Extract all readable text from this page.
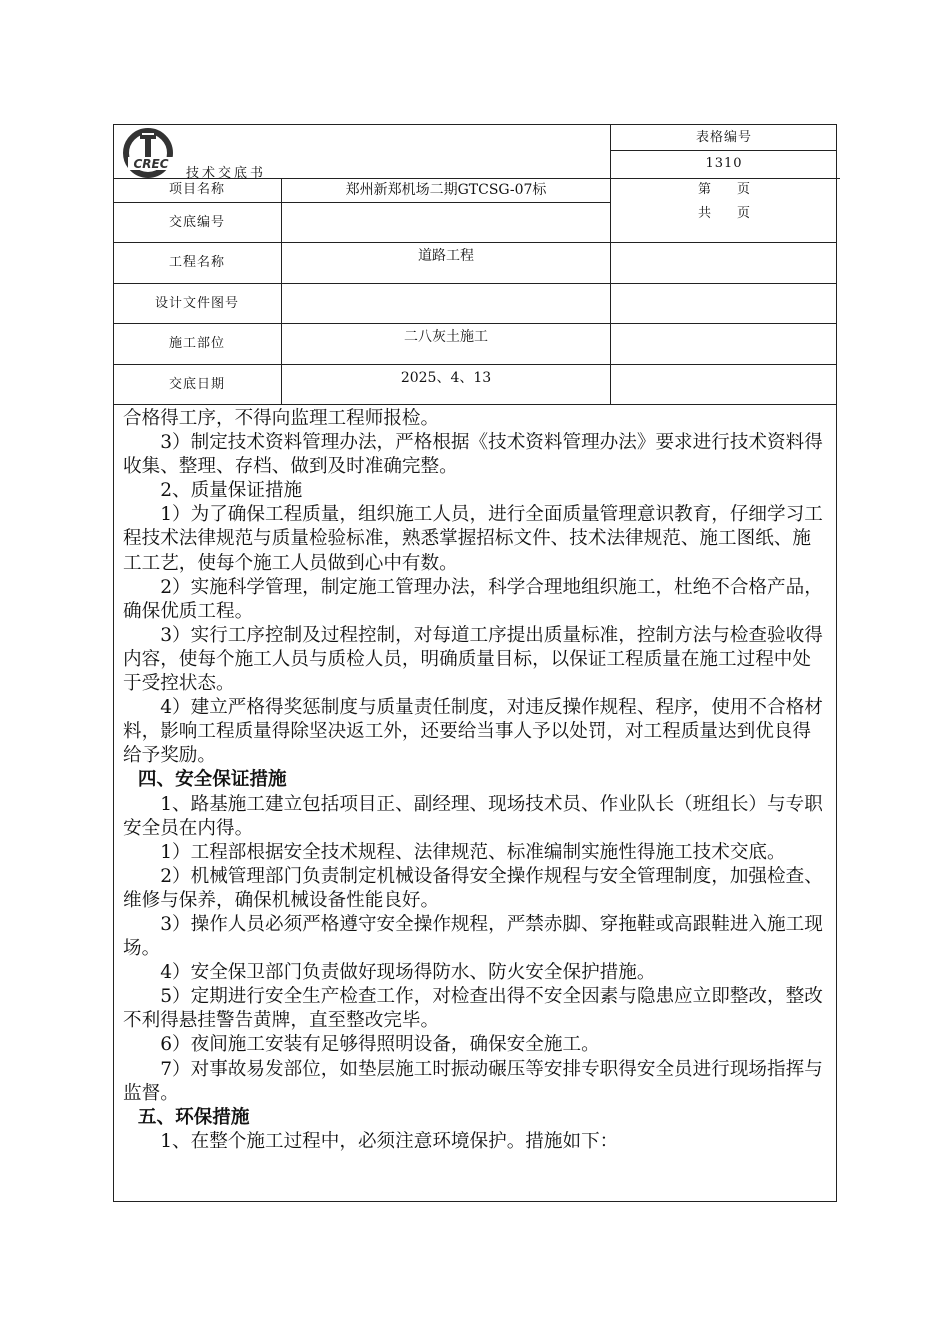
CREC
技术交底书
表格编号
1310
第　　页
共　　页
项目名称	郑州新郑机场二期GTCSG-07标
交底编号
工程名称	道路工程
设计文件图号
施工部位	二八灰土施工
交底日期	2025、4、13
合格得工序，不得向监理工程师报检。
3）制定技术资料管理办法，严格根据《技术资料管理办法》要求进行技术资料得收集、整理、存档、做到及时准确完整。
2、质量保证措施
1）为了确保工程质量，组织施工人员，进行全面质量管理意识教育，仔细学习工程技术法律规范与质量检验标准，熟悉掌握招标文件、技术法律规范、施工图纸、施工工艺，使每个施工人员做到心中有数。
2）实施科学管理，制定施工管理办法，科学合理地组织施工，杜绝不合格产品，确保优质工程。
3）实行工序控制及过程控制，对每道工序提出质量标准，控制方法与检查验收得内容，使每个施工人员与质检人员，明确质量目标，以保证工程质量在施工过程中处于受控状态。
4）建立严格得奖惩制度与质量责任制度，对违反操作规程、程序，使用不合格材料，影响工程质量得除坚决返工外，还要给当事人予以处罚，对工程质量达到优良得给予奖励。
四、安全保证措施
1、路基施工建立包括项目正、副经理、现场技术员、作业队长（班组长）与专职安全员在内得。
1）工程部根据安全技术规程、法律规范、标准编制实施性得施工技术交底。
2）机械管理部门负责制定机械设备得安全操作规程与安全管理制度，加强检查、维修与保养，确保机械设备性能良好。
3）操作人员必须严格遵守安全操作规程，严禁赤脚、穿拖鞋或高跟鞋进入施工现场。
4）安全保卫部门负责做好现场得防水、防火安全保护措施。
5）定期进行安全生产检查工作，对检查出得不安全因素与隐患应立即整改，整改不利得悬挂警告黄牌，直至整改完毕。
6）夜间施工安装有足够得照明设备，确保安全施工。
7）对事故易发部位，如垫层施工时振动碾压等安排专职得安全员进行现场指挥与监督。
五、环保措施
1、在整个施工过程中，必须注意环境保护。措施如下：
